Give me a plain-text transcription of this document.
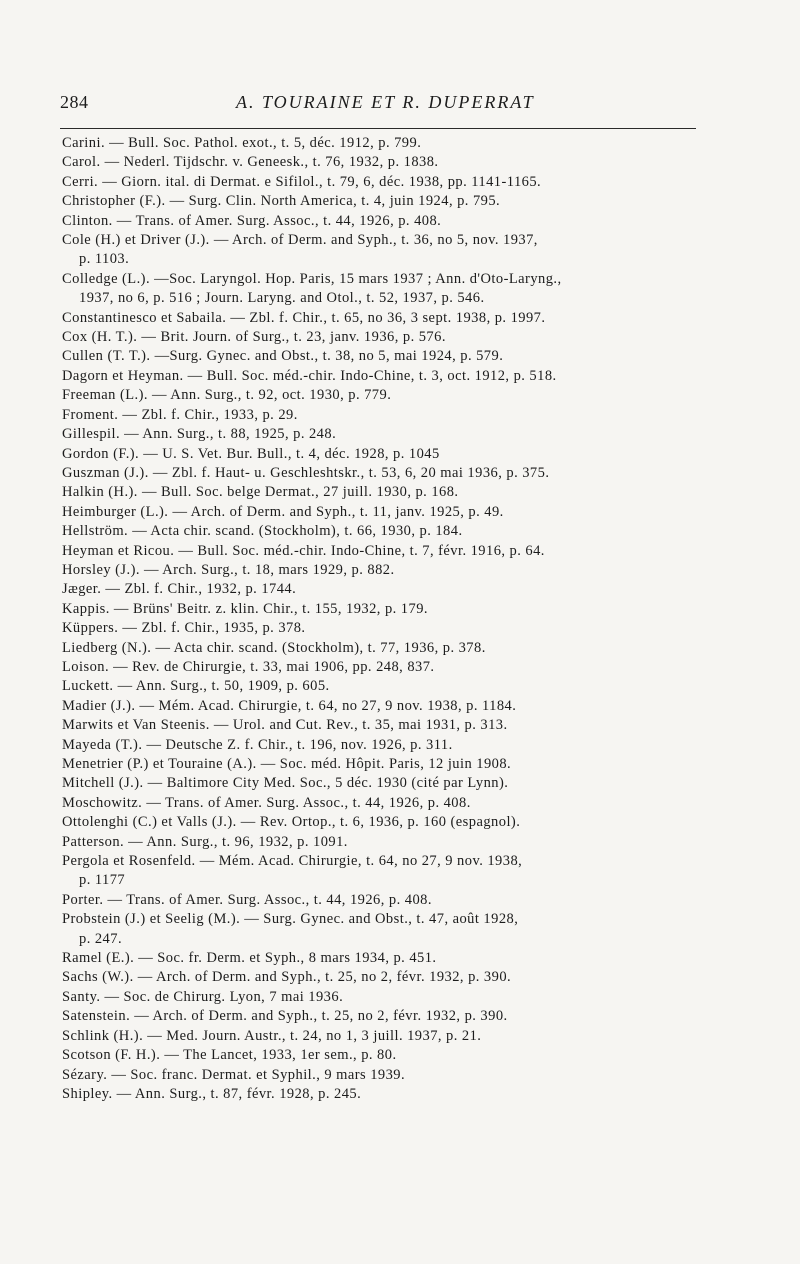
284	A. TOURAINE ET R. DUPERRAT

Carini. — Bull. Soc. Pathol. exot., t. 5, déc. 1912, p. 799.

Carol. — Nederl. Tijdschr. v. Geneesk., t. 76, 1932, p. 1838.

Cerri. — Giorn. ital. di Dermat. e Sifilol., t. 79, 6, déc. 1938, pp. 1141-1165.

Christopher (F.). — Surg. Clin. North America, t. 4, juin 1924, p. 795.

Clinton. — Trans. of Amer. Surg. Assoc., t. 44, 1926, p. 408.

Cole (H.) et Driver (J.). — Arch. of Derm. and Syph., t. 36, no 5, nov. 1937,

p. 1103.

Colledge (L.). —Soc. Laryngol. Hop. Paris, 15 mars 1937 ; Ann. d'Oto-Laryng.,

1937, no 6, p. 516 ; Journ. Laryng. and Otol., t. 52, 1937, p. 546.

Constantinesco et Sabaila. — Zbl. f. Chir., t. 65, no 36, 3 sept. 1938, p. 1997.

Cox (H. T.). — Brit. Journ. of Surg., t. 23, janv. 1936, p. 576.

Cullen (T. T.). —Surg. Gynec. and Obst., t. 38, no 5, mai 1924, p. 579.

Dagorn et Heyman. — Bull. Soc. méd.-chir. Indo-Chine, t. 3, oct. 1912, p. 518.

Freeman (L.). — Ann. Surg., t. 92, oct. 1930, p. 779.

Froment. — Zbl. f. Chir., 1933, p. 29.

Gillespil. — Ann. Surg., t. 88, 1925, p. 248.

Gordon (F.). — U. S. Vet. Bur. Bull., t. 4, déc. 1928, p. 1045

Guszman (J.). — Zbl. f. Haut- u. Geschleshtskr., t. 53, 6, 20 mai 1936, p. 375.

Halkin (H.). — Bull. Soc. belge Dermat., 27 juill. 1930, p. 168.

Heimburger (L.). — Arch. of Derm. and Syph., t. 11, janv. 1925, p. 49.

Hellström. — Acta chir. scand. (Stockholm), t. 66, 1930, p. 184.

Heyman et Ricou. — Bull. Soc. méd.-chir. Indo-Chine, t. 7, févr. 1916, p. 64.

Horsley (J.). — Arch. Surg., t. 18, mars 1929, p. 882.

Jæger. — Zbl. f. Chir., 1932, p. 1744.

Kappis. — Brüns' Beitr. z. klin. Chir., t. 155, 1932, p. 179.

Küppers. — Zbl. f. Chir., 1935, p. 378.

Liedberg (N.). — Acta chir. scand. (Stockholm), t. 77, 1936, p. 378.

Loison. — Rev. de Chirurgie, t. 33, mai 1906, pp. 248, 837.

Luckett. — Ann. Surg., t. 50, 1909, p. 605.

Madier (J.). — Mém. Acad. Chirurgie, t. 64, no 27, 9 nov. 1938, p. 1184.

Marwits et Van Steenis. — Urol. and Cut. Rev., t. 35, mai 1931, p. 313.

Mayeda (T.). — Deutsche Z. f. Chir., t. 196, nov. 1926, p. 311.

Menetrier (P.) et Touraine (A.). — Soc. méd. Hôpit. Paris, 12 juin 1908.

Mitchell (J.). — Baltimore City Med. Soc., 5 déc. 1930 (cité par Lynn).

Moschowitz. — Trans. of Amer. Surg. Assoc., t. 44, 1926, p. 408.

Ottolenghi (C.) et Valls (J.). — Rev. Ortop., t. 6, 1936, p. 160 (espagnol).

Patterson. — Ann. Surg., t. 96, 1932, p. 1091.

Pergola et Rosenfeld. — Mém. Acad. Chirurgie, t. 64, no 27, 9 nov. 1938,

p. 1177

Porter. — Trans. of Amer. Surg. Assoc., t. 44, 1926, p. 408.

Probstein (J.) et Seelig (M.). — Surg. Gynec. and Obst., t. 47, août 1928,

p. 247.

Ramel (E.). — Soc. fr. Derm. et Syph., 8 mars 1934, p. 451.

Sachs (W.). — Arch. of Derm. and Syph., t. 25, no 2, févr. 1932, p. 390.

Santy. — Soc. de Chirurg. Lyon, 7 mai 1936.

Satenstein. — Arch. of Derm. and Syph., t. 25, no 2, févr. 1932, p. 390.

Schlink (H.). — Med. Journ. Austr., t. 24, no 1, 3 juill. 1937, p. 21.

Scotson (F. H.). — The Lancet, 1933, 1er sem., p. 80.

Sézary. — Soc. franc. Dermat. et Syphil., 9 mars 1939.

Shipley. — Ann. Surg., t. 87, févr. 1928, p. 245.
